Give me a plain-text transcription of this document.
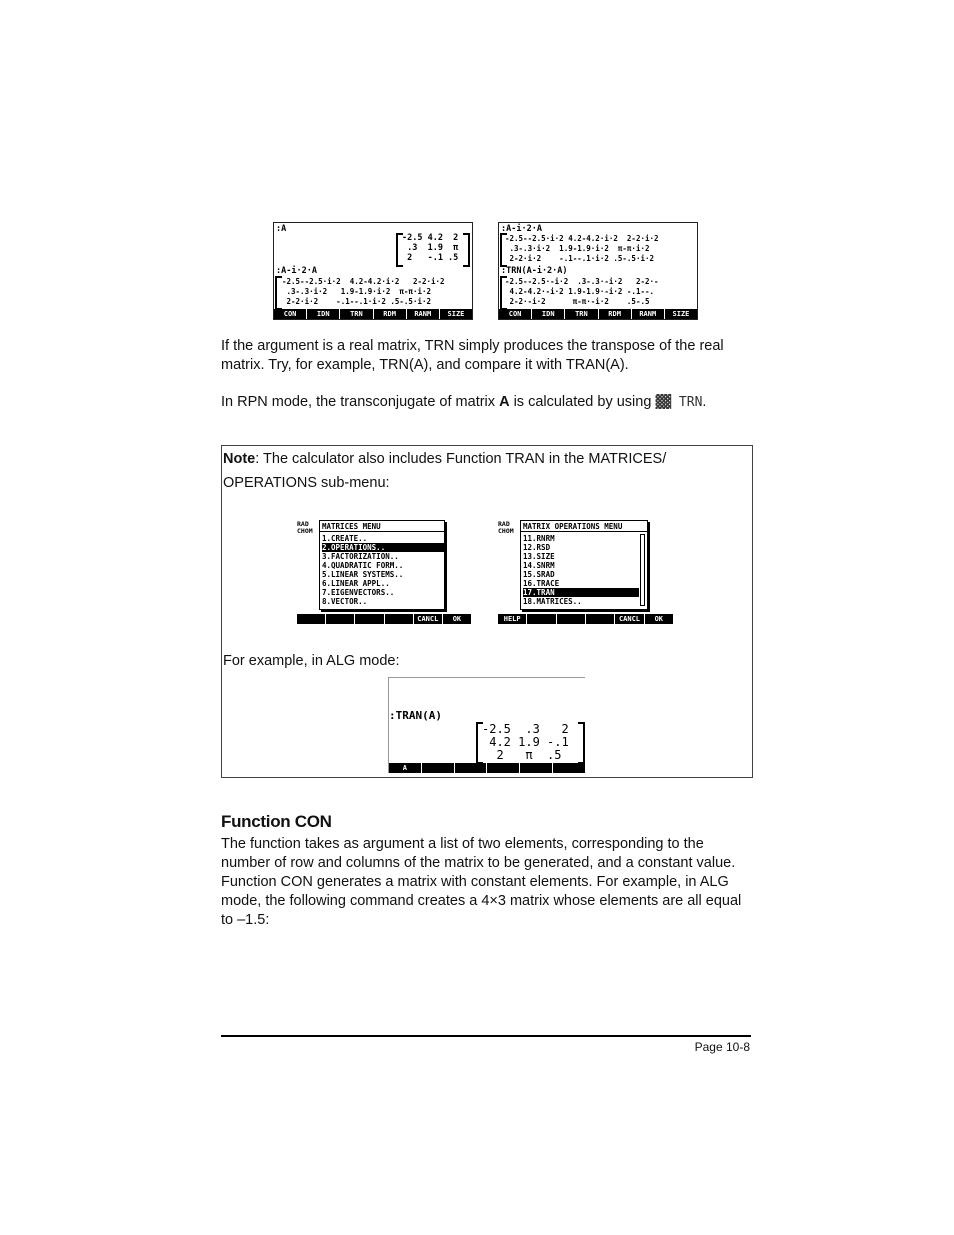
:A
-2.5 4.2  2
.3  1.9  π
2   -.1 .5
:A-i·2·A
-2.5--2.5·i·2  4.2-4.2·i·2   2-2·i·2
.3-.3·i·2   1.9-1.9·i·2  π-π·i·2
2-2·i·2    -.1--.1·i·2 .5-.5·i·2
CON	IDN	TRN	RDM	RANM	SIZE
:A-i·2·A
-2.5--2.5·i·2 4.2-4.2·i·2  2-2·i·2
.3-.3·i·2  1.9-1.9·i·2  π-π·i·2
2-2·i·2    -.1--.1·i·2 .5-.5·i·2
:TRN(A-i·2·A)
-2.5--2.5·-i·2  .3-.3·-i·2   2-2·-
4.2-4.2·-i·2 1.9-1.9·-i·2 -.1--.
2-2·-i·2      π-π·-i·2    .5-.5
CON	IDN	TRN	RDM	RANM	SIZE

If the argument is a real matrix, TRN simply produces the transpose of the real matrix. Try, for example, TRN(A), and compare it with TRAN(A).

In RPN mode, the transconjugate of matrix A is calculated by using ▓▓ TRN.

Note: The calculator also includes Function TRAN in the MATRICES/ OPERATIONS sub-menu:

RAD
CHOM MATRICES MENU
1.CREATE..
2.OPERATIONS..
3.FACTORIZATION..
4.QUADRATIC FORM..
5.LINEAR SYSTEMS..
6.LINEAR APPL..
7.EIGENVECTORS..
8.VECTOR..
CANCL	OK
RAD
CHOM MATRIX OPERATIONS MENU
11.RNRM
12.RSD
13.SIZE
14.SNRM
15.SRAD
16.TRACE
17.TRAN
18.MATRICES..
HELP	CANCL	OK

For example, in ALG mode:

:TRAN(A)
-2.5  .3   2
4.2 1.9 -.1
2   π  .5
A
Function CON

The function takes as argument a list of two elements, corresponding to the number of row and columns of the matrix to be generated, and a constant value. Function CON generates a matrix with constant elements. For example, in ALG mode, the following command creates a 4×3 matrix whose elements are all equal to –1.5:

Page 10-8
